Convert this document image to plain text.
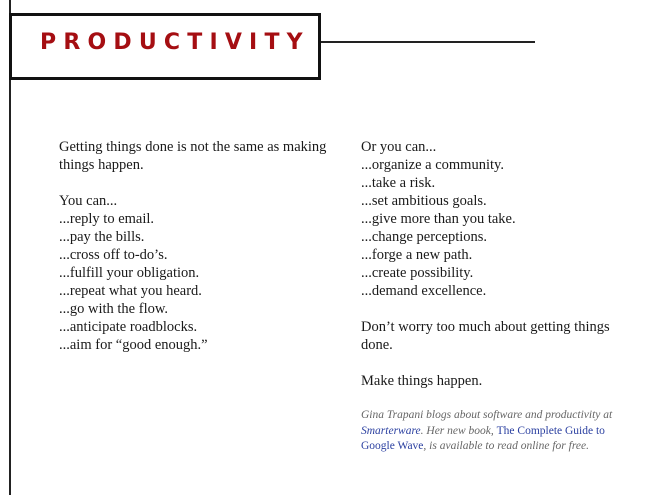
PRODUCTIVITY

Getting things done is not the same as making things happen.

You can...
...reply to email.
...pay the bills.
...cross off to-do’s.
...fulfill your obligation.
...repeat what you heard.
...go with the flow.
...anticipate roadblocks.
...aim for “good enough.”

Or you can...
...organize a community.
...take a risk.
...set ambitious goals.
...give more than you take.
...change perceptions.
...forge a new path.
...create possibility.
...demand excellence.

Don’t worry too much about getting things done.

Make things happen.

Gina Trapani blogs about software and productivity at Smarterware. Her new book, The Complete Guide to Google Wave, is available to read online for free.
